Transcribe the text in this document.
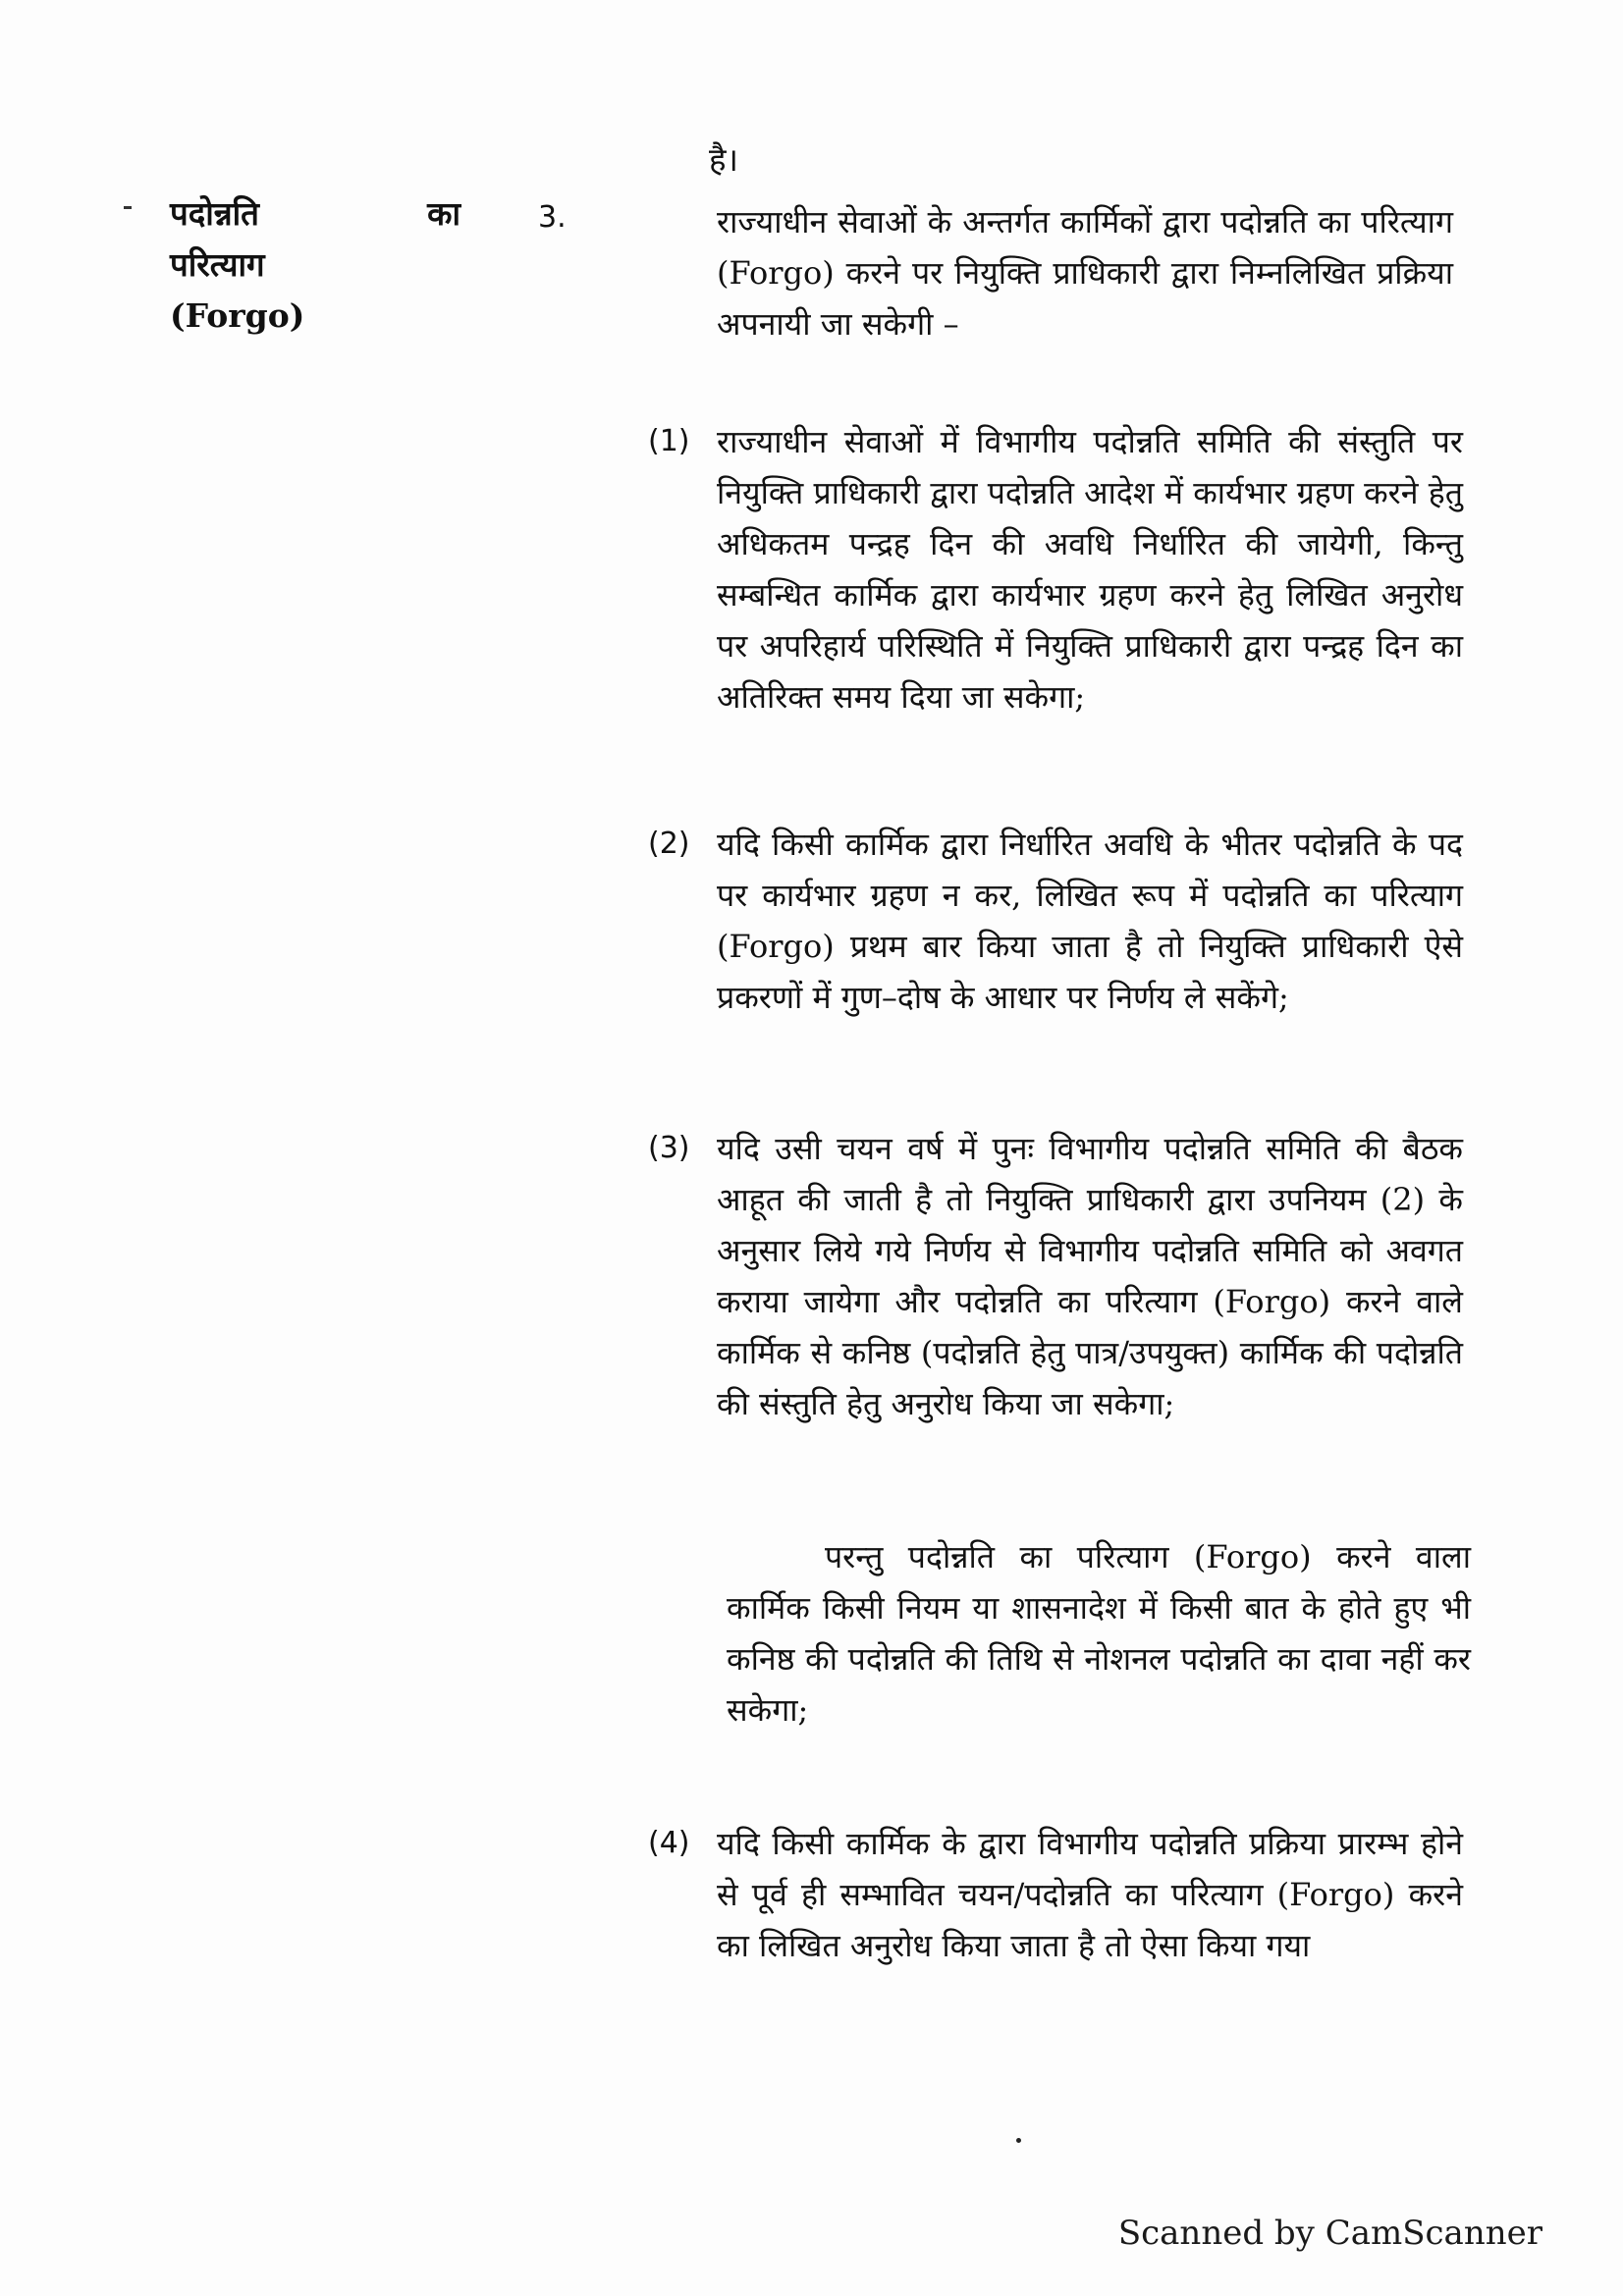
है।
पदोन्नति	का
परित्याग
(Forgo)
3.	राज्याधीन सेवाओं के अन्तर्गत कार्मिकों द्वारा पदोन्नति का परित्याग (Forgo) करने पर नियुक्ति प्राधिकारी द्वारा निम्नलिखित प्रक्रिया अपनायी जा सकेगी –
(1) राज्याधीन सेवाओं में विभागीय पदोन्नति समिति की संस्तुति पर नियुक्ति प्राधिकारी द्वारा पदोन्नति आदेश में कार्यभार ग्रहण करने हेतु अधिकतम पन्द्रह दिन की अवधि निर्धारित की जायेगी, किन्तु सम्बन्धित कार्मिक द्वारा कार्यभार ग्रहण करने हेतु लिखित अनुरोध पर अपरिहार्य परिस्थिति में नियुक्ति प्राधिकारी द्वारा पन्द्रह दिन का अतिरिक्त समय दिया जा सकेगा;
(2) यदि किसी कार्मिक द्वारा निर्धारित अवधि के भीतर पदोन्नति के पद पर कार्यभार ग्रहण न कर, लिखित रूप में पदोन्नति का परित्याग (Forgo) प्रथम बार किया जाता है तो नियुक्ति प्राधिकारी ऐसे प्रकरणों में गुण–दोष के आधार पर निर्णय ले सकेंगे;
(3) यदि उसी चयन वर्ष में पुनः विभागीय पदोन्नति समिति की बैठक आहूत की जाती है तो नियुक्ति प्राधिकारी द्वारा उपनियम (2) के अनुसार लिये गये निर्णय से विभागीय पदोन्नति समिति को अवगत कराया जायेगा और पदोन्नति का परित्याग (Forgo) करने वाले कार्मिक से कनिष्ठ (पदोन्नति हेतु पात्र/उपयुक्त) कार्मिक की पदोन्नति की संस्तुति हेतु अनुरोध किया जा सकेगा;
परन्तु पदोन्नति का परित्याग (Forgo) करने वाला कार्मिक किसी नियम या शासनादेश में किसी बात के होते हुए भी कनिष्ठ की पदोन्नति की तिथि से नोशनल पदोन्नति का दावा नहीं कर सकेगा;
(4) यदि किसी कार्मिक के द्वारा विभागीय पदोन्नति प्रक्रिया प्रारम्भ होने से पूर्व ही सम्भावित चयन/पदोन्नति का परित्याग (Forgo) करने का लिखित अनुरोध किया जाता है तो ऐसा किया गया
Scanned by CamScanner
